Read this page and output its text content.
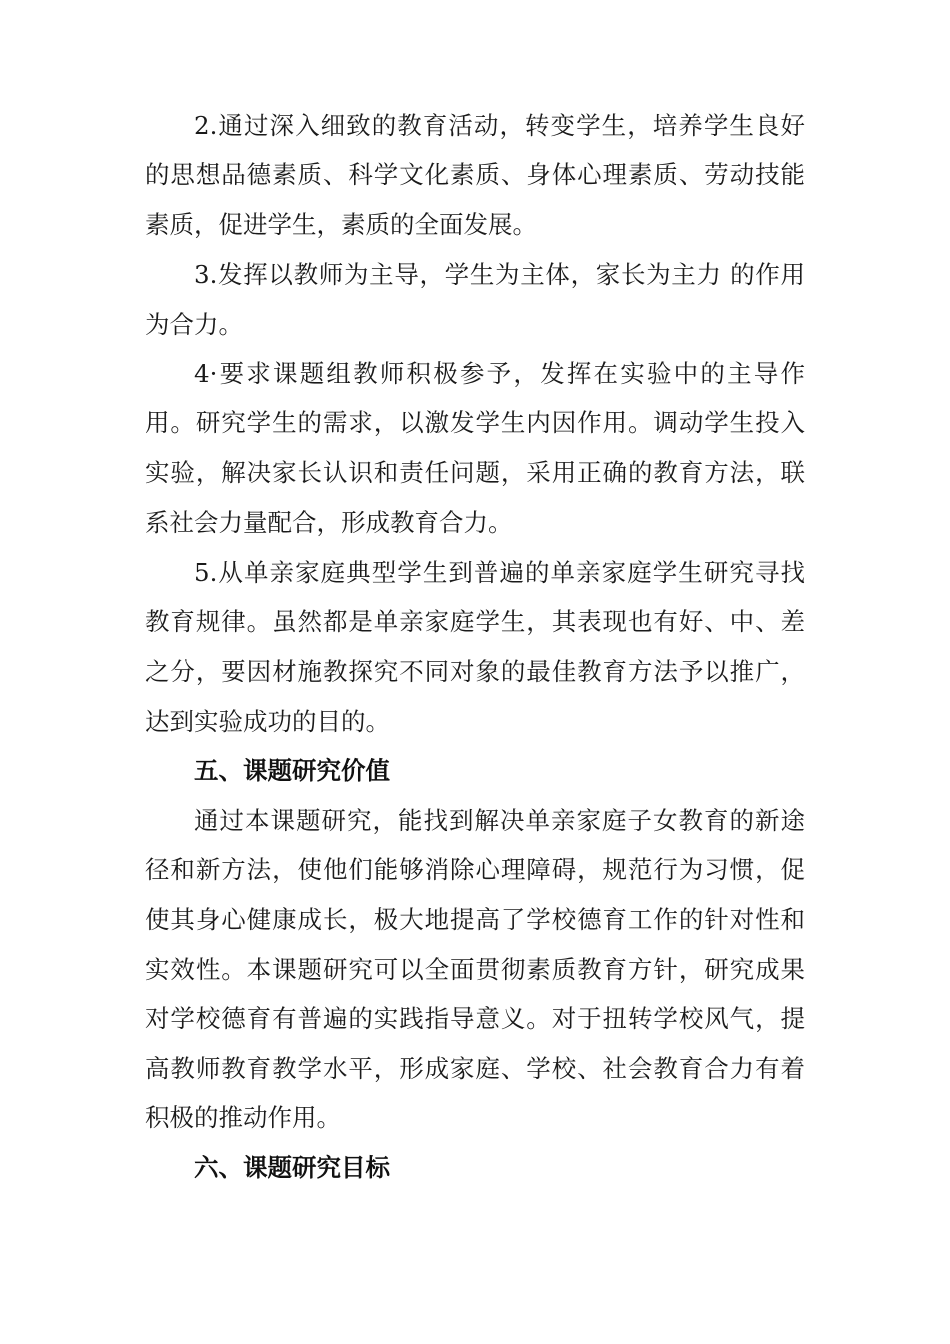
2.通过深入细致的教育活动，转变学生，培养学生良好
的思想品德素质、科学文化素质、身体心理素质、劳动技能
素质，促进学生，素质的全面发展。
3.发挥以教师为主导，学生为主体，家长为主力 的作用
为合力。
4·要求课题组教师积极参予，发挥在实验中的主导作
用。研究学生的需求，以激发学生内因作用。调动学生投入
实验，解决家长认识和责任问题，采用正确的教育方法，联
系社会力量配合，形成教育合力。
5.从单亲家庭典型学生到普遍的单亲家庭学生研究寻找
教育规律。虽然都是单亲家庭学生，其表现也有好、中、差
之分，要因材施教探究不同对象的最佳教育方法予以推广，
达到实验成功的目的。
五、课题研究价值
通过本课题研究，能找到解决单亲家庭子女教育的新途
径和新方法，使他们能够消除心理障碍，规范行为习惯，促
使其身心健康成长，极大地提高了学校德育工作的针对性和
实效性。本课题研究可以全面贯彻素质教育方针，研究成果
对学校德育有普遍的实践指导意义。对于扭转学校风气，提
高教师教育教学水平，形成家庭、学校、社会教育合力有着
积极的推动作用。
六、课题研究目标
